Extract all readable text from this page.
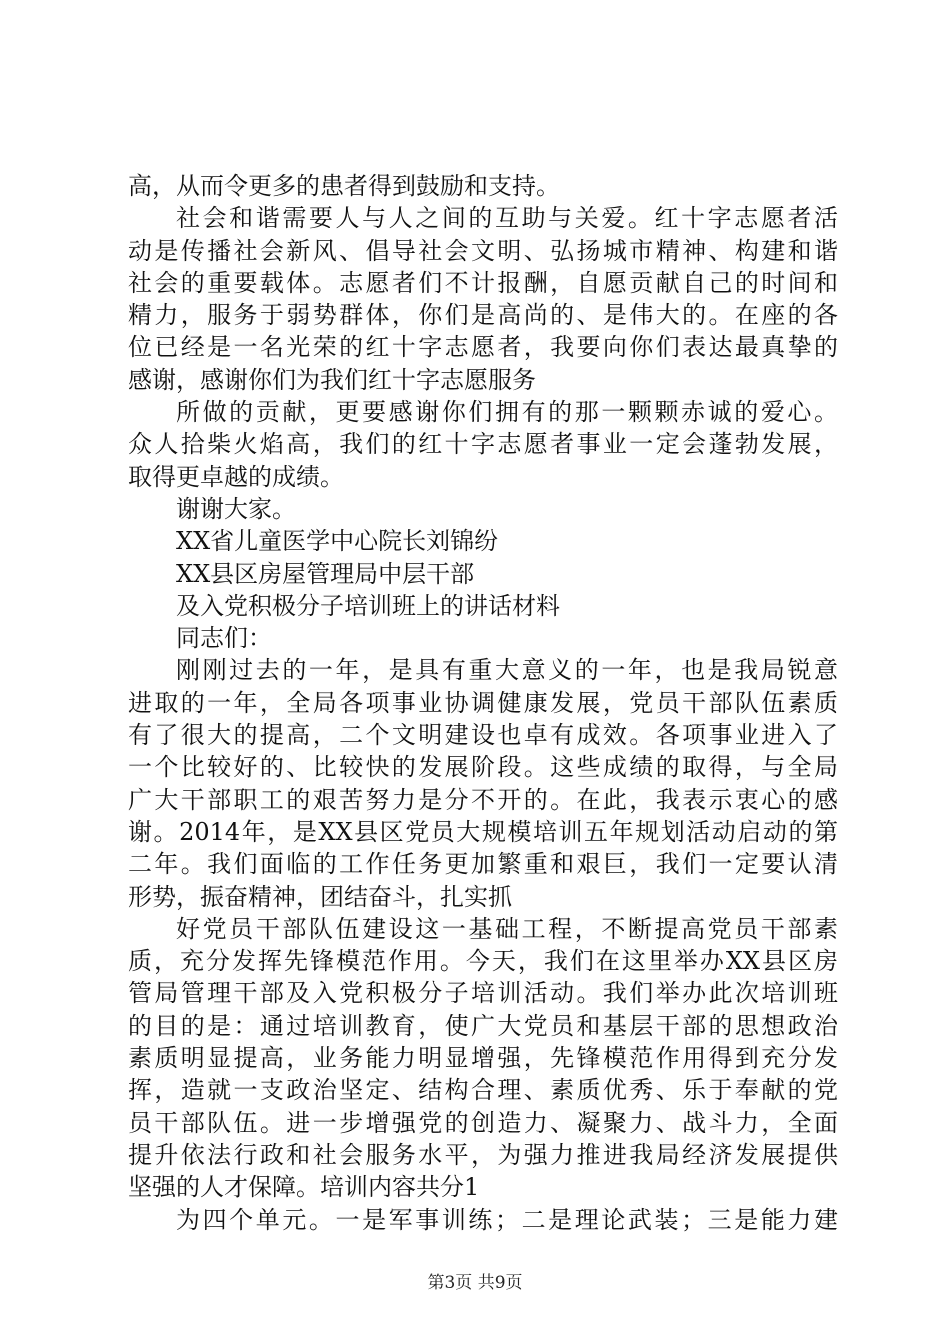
高，从而令更多的患者得到鼓励和支持。
社会和谐需要人与人之间的互助与关爱。红十字志愿者活
动是传播社会新风、倡导社会文明、弘扬城市精神、构建和谐
社会的重要载体。志愿者们不计报酬，自愿贡献自己的时间和
精力，服务于弱势群体，你们是高尚的、是伟大的。在座的各
位已经是一名光荣的红十字志愿者，我要向你们表达最真挚的
感谢，感谢你们为我们红十字志愿服务
所做的贡献，更要感谢你们拥有的那一颗颗赤诚的爱心。
众人拾柴火焰高，我们的红十字志愿者事业一定会蓬勃发展，
取得更卓越的成绩。
谢谢大家。
XX省儿童医学中心院长刘锦纷
XX县区房屋管理局中层干部
及入党积极分子培训班上的讲话材料
同志们：
刚刚过去的一年，是具有重大意义的一年，也是我局锐意
进取的一年，全局各项事业协调健康发展，党员干部队伍素质
有了很大的提高，二个文明建设也卓有成效。各项事业进入了
一个比较好的、比较快的发展阶段。这些成绩的取得，与全局
广大干部职工的艰苦努力是分不开的。在此，我表示衷心的感
谢。2014年，是XX县区党员大规模培训五年规划活动启动的第
二年。我们面临的工作任务更加繁重和艰巨，我们一定要认清
形势，振奋精神，团结奋斗，扎实抓
好党员干部队伍建设这一基础工程，不断提高党员干部素
质，充分发挥先锋模范作用。今天，我们在这里举办XX县区房
管局管理干部及入党积极分子培训活动。我们举办此次培训班
的目的是：通过培训教育，使广大党员和基层干部的思想政治
素质明显提高，业务能力明显增强，先锋模范作用得到充分发
挥，造就一支政治坚定、结构合理、素质优秀、乐于奉献的党
员干部队伍。进一步增强党的创造力、凝聚力、战斗力，全面
提升依法行政和社会服务水平，为强力推进我局经济发展提供
坚强的人才保障。培训内容共分1
为四个单元。一是军事训练；二是理论武装；三是能力建
第3页 共9页
